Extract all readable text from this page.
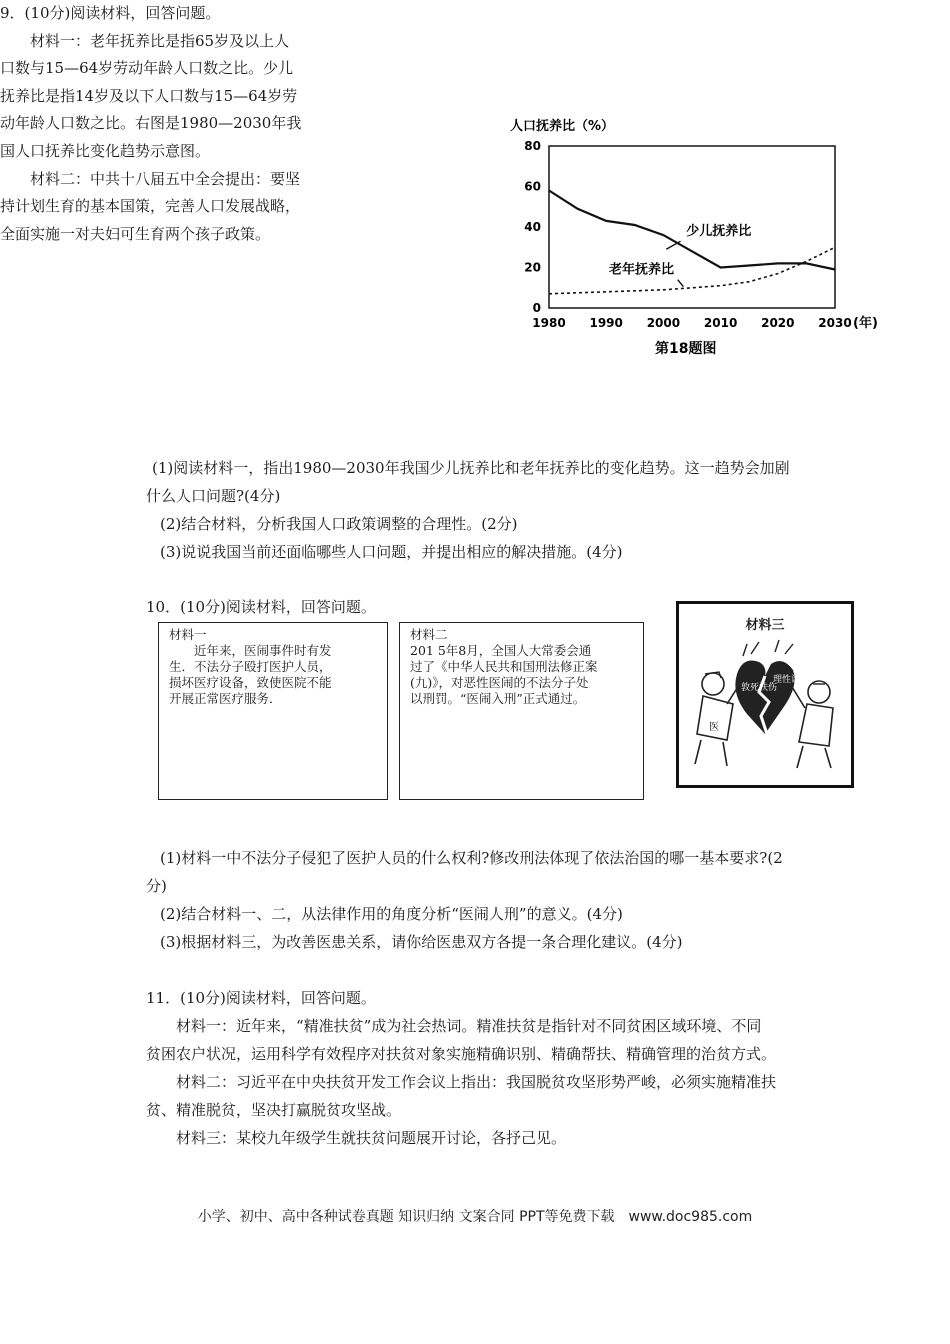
9．(10分)阅读材料，回答问题。
　　材料一：老年抚养比是指65岁及以上人
口数与15—64岁劳动年龄人口数之比。少儿
抚养比是指14岁及以下人口数与15—64岁劳
动年龄人口数之比。右图是1980—2030年我
国人口抚养比变化趋势示意图。
　　材料二：中共十八届五中全会提出：要坚
持计划生育的基本国策，完善人口发展战略，
全面实施一对夫妇可生育两个孩子政策。
人口抚养比（%）
0
20
40
60
80
1980 1990 2000 2010 2020 2030
少儿抚养比
老年抚养比
(年)
第18题图
(1)阅读材料一，指出1980—2030年我国少儿抚养比和老年抚养比的变化趋势。这一趋势会加剧
什么人口问题?(4分)
(2)结合材料，分析我国人口政策调整的合理性。(2分)
(3)说说我国当前还面临哪些人口问题，并提出相应的解决措施。(4分)
10．(10分)阅读材料，回答问题。
材料一
　　近年来，医闹事件时有发
生．不法分子殴打医护人员，
损坏医疗设备，致使医院不能
开展正常医疗服务．
材料二
201 5年8月，全国人大常委会通
过了《中华人民共和国刑法修正案
(九)》，对恶性医闹的不法分子处
以刑罚。“医闹入刑”正式通过。
材料三
医
敦死扶伤
理性认识
(1)材料一中不法分子侵犯了医护人员的什么权利?修改刑法体现了依法治国的哪一基本要求?(2
分)
(2)结合材料一、二，从法律作用的角度分析“医闹人刑”的意义。(4分)
(3)根据材料三，为改善医患关系，请你给医患双方各提一条合理化建议。(4分)
11．(10分)阅读材料，回答问题。
　　材料一：近年来，“精准扶贫”成为社会热词。精准扶贫是指针对不同贫困区域环境、不同
贫困农户状况，运用科学有效程序对扶贫对象实施精确识别、精确帮扶、精确管理的治贫方式。
　　材料二：习近平在中央扶贫开发工作会议上指出：我国脱贫攻坚形势严峻，必须实施精准扶
贫、精准脱贫，坚决打赢脱贫攻坚战。
　　材料三：某校九年级学生就扶贫问题展开讨论，各抒己见。
小学、初中、高中各种试卷真题 知识归纳 文案合同 PPT等免费下载　www.doc985.com
